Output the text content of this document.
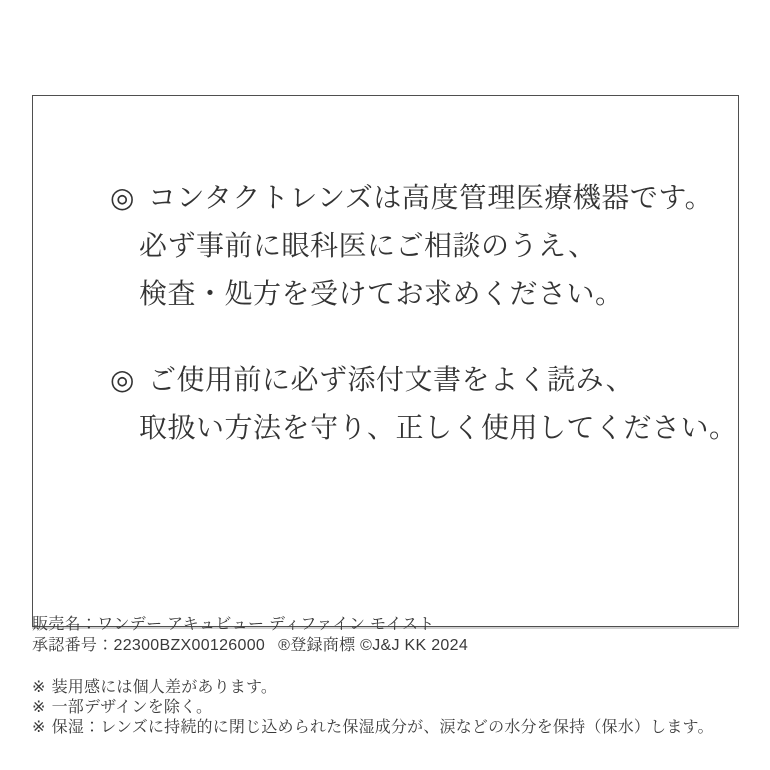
◎ コンタクトレンズは高度管理医療機器です。
必ず事前に眼科医にご相談のうえ、
検査・処方を受けてお求めください。
◎ ご使用前に必ず添付文書をよく読み、
取扱い方法を守り、正しく使用してください。
販売名：ワンデー アキュビュー ディファイン モイスト
承認番号：22300BZX00126000 ®登録商標 ©J&J KK 2024
※ 装用感には個人差があります。
※ 一部デザインを除く。
※ 保湿：レンズに持続的に閉じ込められた保湿成分が、涙などの水分を保持（保水）します。
